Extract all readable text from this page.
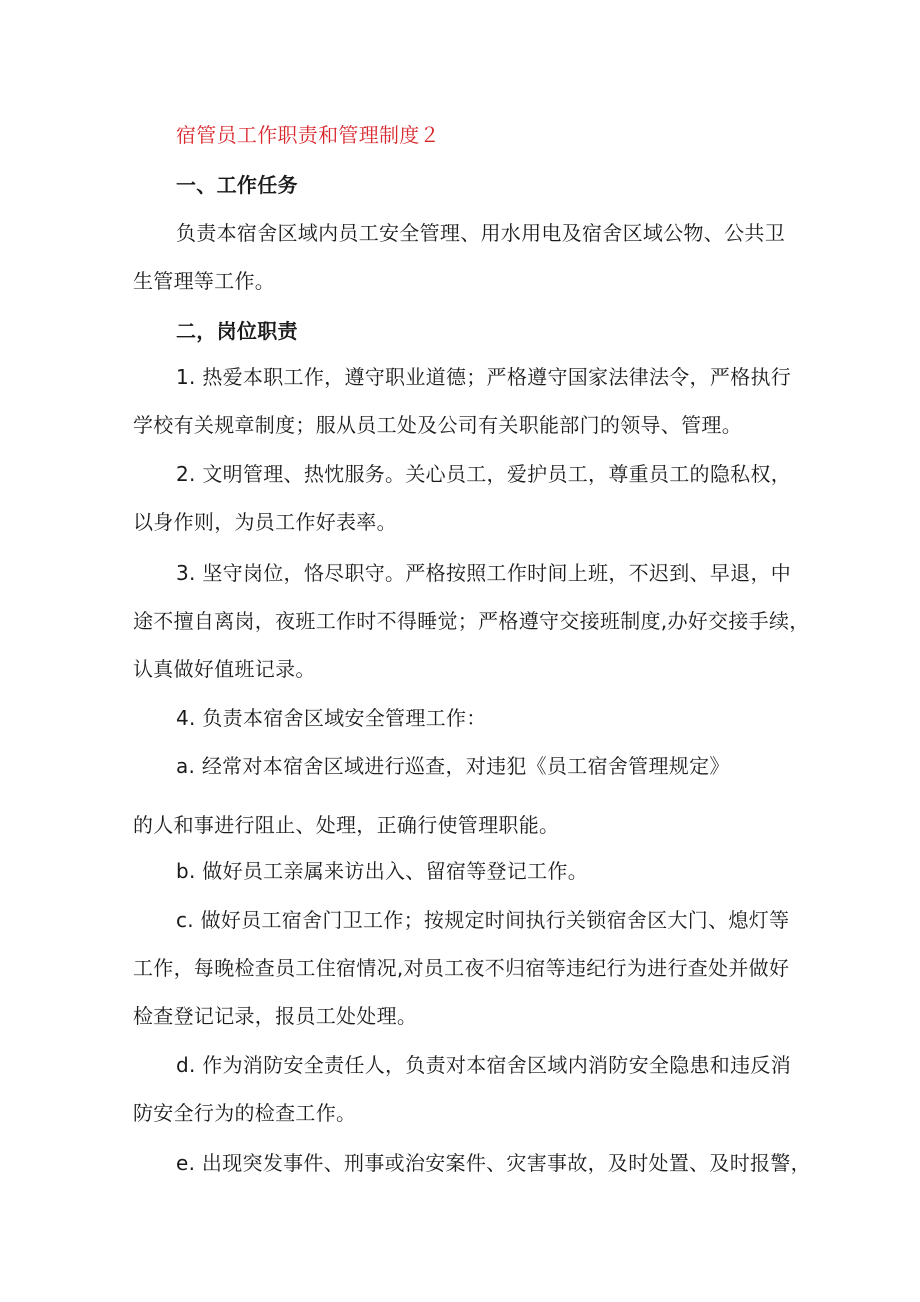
宿管员工作职责和管理制度２
一、工作任务
负责本宿舍区域内员工安全管理、用水用电及宿舍区域公物、公共卫
生管理等工作。
二，岗位职责
1. 热爱本职工作，遵守职业道德；严格遵守国家法律法令，严格执行
学校有关规章制度；服从员工处及公司有关职能部门的领导、管理。
2. 文明管理、热忱服务。关心员工，爱护员工，尊重员工的隐私权，
以身作则，为员工作好表率。
3. 坚守岗位，恪尽职守。严格按照工作时间上班，不迟到、早退，中
途不擅自离岗，夜班工作时不得睡觉；严格遵守交接班制度,办好交接手续，
认真做好值班记录。
4. 负责本宿舍区域安全管理工作：
a. 经常对本宿舍区域进行巡查，对违犯《员工宿舍管理规定》
的人和事进行阻止、处理，正确行使管理职能。
b. 做好员工亲属来访出入、留宿等登记工作。
c. 做好员工宿舍门卫工作；按规定时间执行关锁宿舍区大门、熄灯等
工作，每晚检查员工住宿情况,对员工夜不归宿等违纪行为进行查处并做好
检查登记记录，报员工处处理。
d. 作为消防安全责任人，负责对本宿舍区域内消防安全隐患和违反消
防安全行为的检查工作。
e. 出现突发事件、刑事或治安案件、灾害事故，及时处置、及时报警，
